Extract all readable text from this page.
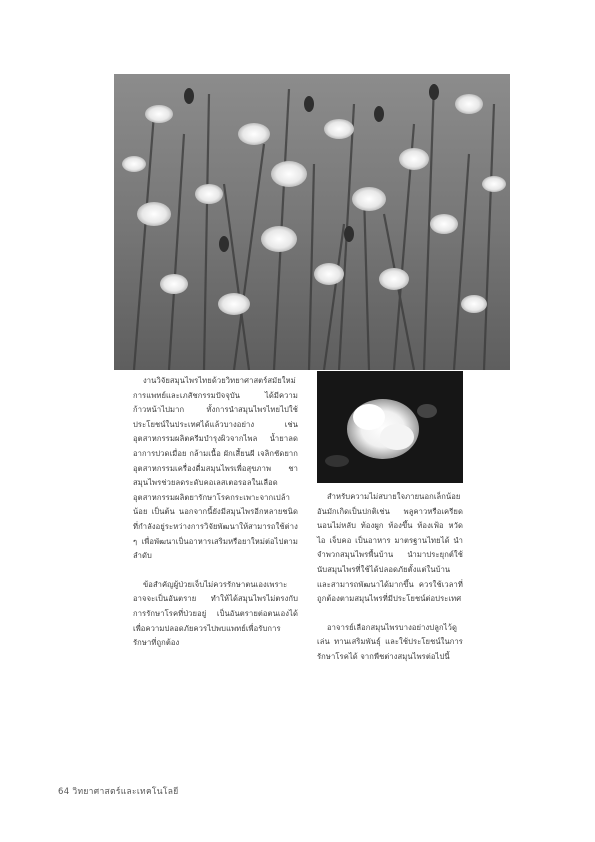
งานวิจัยสมุนไพรไทยด้วยวิทยาศาสตร์สมัยใหม่ การแพทย์และเภสัชกรรมปัจจุบัน ได้มีความก้าวหน้าไปมาก ทั้งการนำสมุนไพรไทยไปใช้ประโยชน์ในประเทศได้แล้วบางอย่าง เช่น อุตสาหกรรมผลิตครีมบำรุงผิวจากไพล น้ำยาลดอาการปวดเมื่อย กล้ามเนื้อ ผักเสี้ยนผี เจลิกชัดยาก อุตสาหกรรมเครื่องดื่มสมุนไพรเพื่อสุขภาพ ชาสมุนไพรช่วยลดระดับคอเลสเตอรอลในเลือด อุตสาหกรรมผลิตยารักษาโรคกระเพาะจากเปล้าน้อย เป็นต้น นอกจากนี้ยังมีสมุนไพรอีกหลายชนิดที่กำลังอยู่ระหว่างการวิจัยพัฒนาให้สามารถใช้ต่าง ๆ เพื่อพัฒนาเป็นอาหารเสริมหรือยาใหม่ต่อไปตามลำดับ

ข้อสำคัญผู้ป่วยเจ็บไม่ควรรักษาตนเองเพราะอาจจะเป็นอันตราย ทำให้ได้สมุนไพรไม่ตรงกับการรักษาโรคที่ป่วยอยู่ เป็นอันตรายต่อตนเองได้ เพื่อความปลอดภัยควรไปพบแพทย์เพื่อรับการรักษาที่ถูกต้อง

สำหรับความไม่สบายใจภายนอกเล็กน้อยอันมักเกิดเป็นปกติเช่น พลูคาวหรือเครียดนอนไม่หลับ ท้องผูก ท้องขึ้น ท้องเฟ้อ หวัด ไอ เจ็บคอ เป็นอาหาร มาตรฐานไทยได้ นำจำพวกสมุนไพรพื้นบ้าน นำมาประยุกต์ใช้ นับสมุนไพรที่ใช้ได้ปลอดภัยตั้งแต่ในบ้าน และสามารถพัฒนาได้มากขึ้น ควรใช้เวลาที่ถูกต้องตามสมุนไพรที่มีประโยชน์ต่อประเทศ

อาจารย์เลือกสมุนไพรบางอย่างปลูกไว้ดูเล่น ทานเสริมพันธุ์ และใช้ประโยชน์ในการรักษาโรคได้ จากพืชต่างสมุนไพรต่อไปนี้

64 วิทยาศาสตร์และเทคโนโลยี
